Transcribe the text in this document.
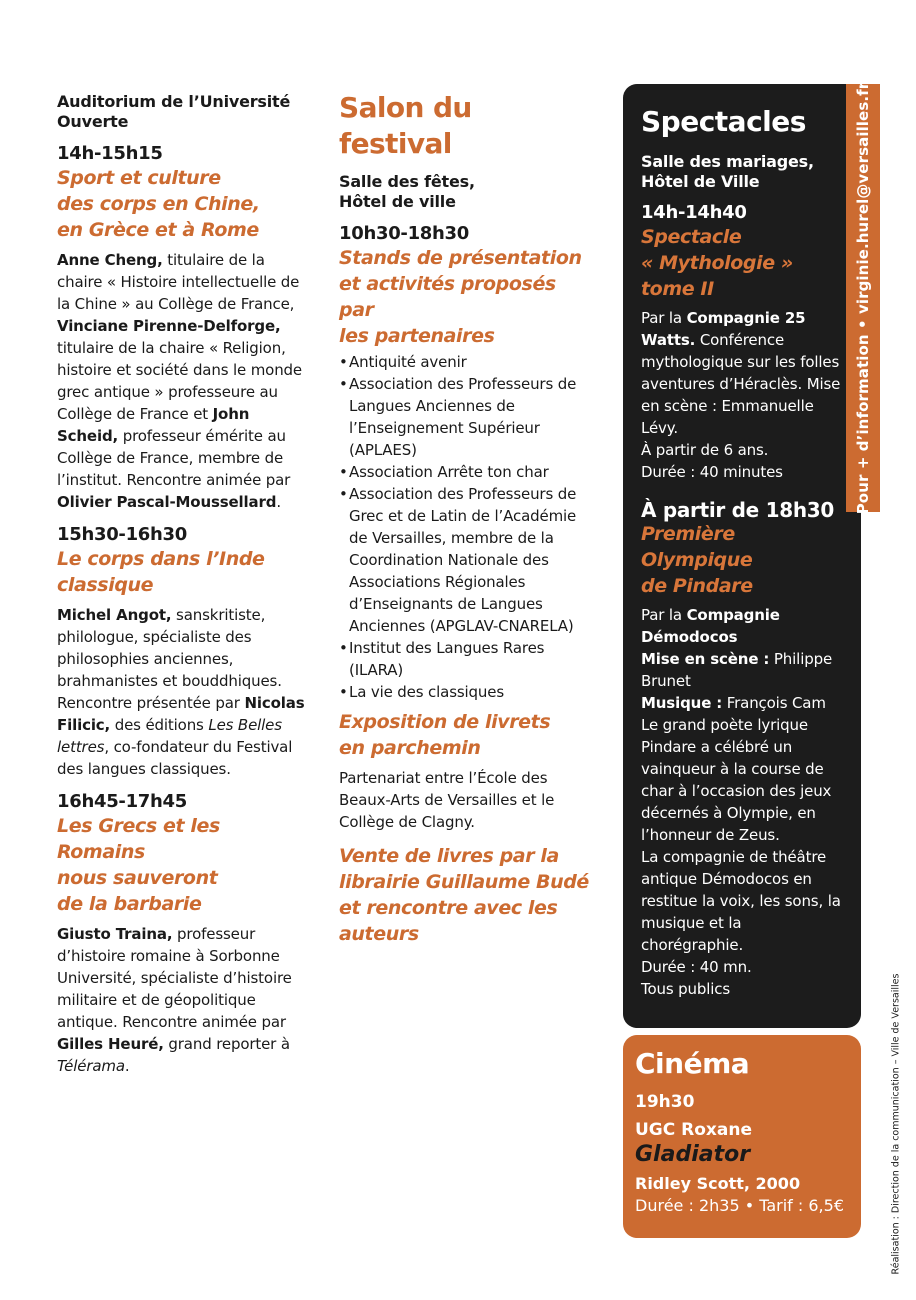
Auditorium de l’Université
Ouverte
14h-15h15
Sport et culture
des corps en Chine,
en Grèce et à Rome
Anne Cheng, titulaire de la chaire « Histoire intellectuelle de la Chine » au Collège de France, Vinciane Pirenne-Delforge, titulaire de la chaire « Religion, histoire et société dans le monde grec antique » professeure au Collège de France et John Scheid, professeur émérite au Collège de France, membre de l’institut. Rencontre animée par Olivier Pascal-Moussellard.
15h30-16h30
Le corps dans l’Inde
classique

Michel Angot, sanskritiste, philologue, spécialiste des philosophies anciennes, brahmanistes et bouddhiques.

Rencontre présentée par Nicolas Filicic, des éditions Les Belles lettres, co-fondateur du Festival des langues classiques.

16h45-17h45
Les Grecs et les Romains
nous sauveront
de la barbarie
Giusto Traina, professeur d’histoire romaine à Sorbonne Université, spécialiste d’histoire militaire et de géopolitique antique. Rencontre animée par Gilles Heuré, grand reporter à Télérama.
Salon du festival
Salle des fêtes,
Hôtel de ville
10h30-18h30
Stands de présentation
et activités proposés par
les partenaires
• Antiquité avenir
• Association des Professeurs de Langues Anciennes de l’Enseignement Supérieur (APLAES)
• Association Arrête ton char
• Association des Professeurs de Grec et de Latin de l’Académie de Versailles, membre de la Coordination Nationale des Associations Régionales d’Enseignants de Langues Anciennes (APGLAV-CNARELA)
• Institut des Langues Rares (ILARA)
• La vie des classiques
Exposition de livrets
en parchemin
Partenariat entre l’École des Beaux-Arts de Versailles et le Collège de Clagny.
Vente de livres par la
librairie Guillaume Budé
et rencontre avec les
auteurs
Spectacles
Salle des mariages,
Hôtel de Ville
14h-14h40
Spectacle
« Mythologie »
tome II

Par la Compagnie 25 Watts. Conférence mythologique sur les folles aventures d’Héraclès. Mise en scène : Emmanuelle Lévy.

À partir de 6 ans.

Durée : 40 minutes

À partir de 18h30
Première Olympique
de Pindare

Par la Compagnie Démodocos

Mise en scène : Philippe Brunet

Musique : François Cam

Le grand poète lyrique Pindare a célébré un vainqueur à la course de char à l’occasion des jeux décernés à Olympie, en l’honneur de Zeus.

La compagnie de théâtre antique Démodocos en restitue la voix, les sons, la musique et la chorégraphie.

Durée : 40 mn.

Tous publics

Cinéma
19h30
UGC Roxane
Gladiator
Ridley Scott, 2000
Durée : 2h35 • Tarif : 6,5€
Pour + d’information • virginie.hurel@versailles.fr
Réalisation : Direction de la communication – Ville de Versailles
